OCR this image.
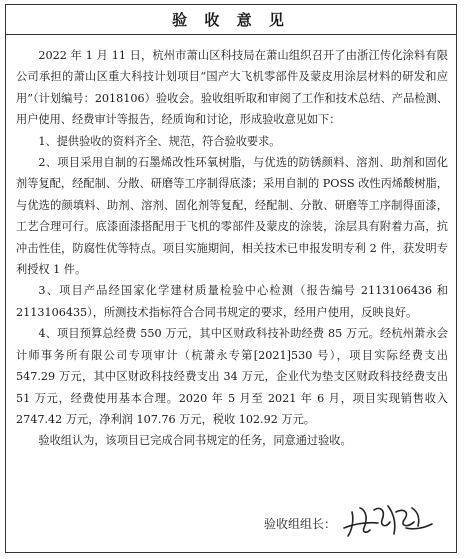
验 收 意 见

2022 年 1 月 11 日，杭州市萧山区科技局在萧山组织召开了由浙江传化涂料有限公司承担的萧山区重大科技计划项目“国产大飞机零部件及蒙皮用涂层材料的研发和应用”（计划编号：2018106）验收会。验收组听取和审阅了工作和技术总结、产品检测、用户使用、经费审计等报告，经质询和讨论，形成验收意见如下：

1、提供验收的资料齐全、规范，符合验收要求。

2、项目采用自制的石墨烯改性环氧树脂，与优选的防锈颜料、溶剂、助剂和固化剂等复配，经配制、分散、研磨等工序制得底漆；采用自制的 POSS 改性丙烯酸树脂，与优选的颜填料、助剂、溶剂、固化剂等复配，经配制、分散、研磨等工序制得面漆，工艺合理可行。底漆面漆搭配用于飞机的零部件及蒙皮的涂装，涂层具有附着力高，抗冲击性佳，防腐性优等特点。项目实施期间，相关技术已申报发明专利 2 件，获发明专利授权 1 件。

3、项目产品经国家化学建材质量检验中心检测（报告编号 2113106436 和 2113106435），所测技术指标符合合同书规定的要求，经用户使用，反映良好。

4、项目预算总经费 550 万元，其中区财政科技补助经费 85 万元。经杭州萧永会计师事务所有限公司专项审计（杭萧永专第[2021]530 号），项目实际经费支出 547.29 万元，其中区财政科技经费支出 34 万元，企业代为垫支区财政科技经费支出 51 万元，经费使用基本合理。2020 年 5 月至 2021 年 6 月，项目实现销售收入 2747.42 万元，净利润 107.76 万元，税收 102.92 万元。

验收组认为，该项目已完成合同书规定的任务，同意通过验收。

验收组组长：
